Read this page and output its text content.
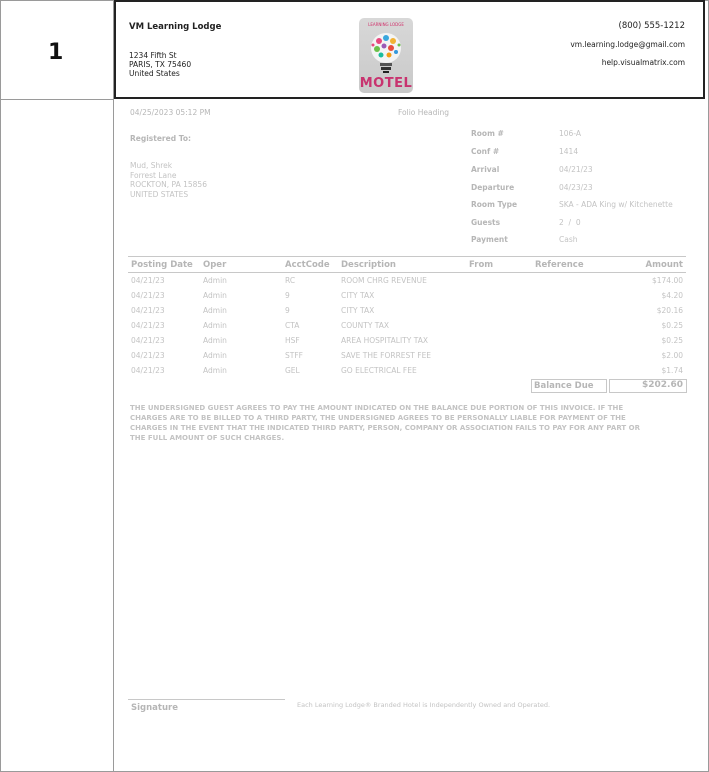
1
VM Learning Lodge
1234 Fifth St
PARIS, TX 75460
United States
LEARNING LODGE
MOTEL
(800) 555-1212
vm.learning.lodge@gmail.com
help.visualmatrix.com
04/25/2023 05:12 PM	Folio Heading
Registered To:
Mud, Shrek
Forrest Lane
ROCKTON, PA 15856
UNITED STATES
Room #	106-A
Conf #	1414
Arrival	04/21/23
Departure	04/23/23
Room Type	SKA - ADA King w/ Kitchenette
Guests	2  /  0
Payment	Cash
Posting Date	Oper	AcctCode	Description	From	Reference	Amount
04/21/23	Admin	RC	ROOM CHRG REVENUE			$174.00
04/21/23	Admin	9	CITY TAX			$4.20
04/21/23	Admin	9	CITY TAX			$20.16
04/21/23	Admin	CTA	COUNTY TAX			$0.25
04/21/23	Admin	HSF	AREA HOSPITALITY TAX			$0.25
04/21/23	Admin	STFF	SAVE THE FORREST FEE			$2.00
04/21/23	Admin	GEL	GO ELECTRICAL FEE			$1.74
Balance Due	$202.60
THE UNDERSIGNED GUEST AGREES TO PAY THE AMOUNT INDICATED ON THE BALANCE DUE PORTION OF THIS INVOICE. IF THE CHARGES ARE TO BE BILLED TO A THIRD PARTY, THE UNDERSIGNED AGREES TO BE PERSONALLY LIABLE FOR PAYMENT OF THE CHARGES IN THE EVENT THAT THE INDICATED THIRD PARTY, PERSON, COMPANY OR ASSOCIATION FAILS TO PAY FOR ANY PART OR THE FULL AMOUNT OF SUCH CHARGES.
Signature	Each Learning Lodge® Branded Hotel is Independently Owned and Operated.
